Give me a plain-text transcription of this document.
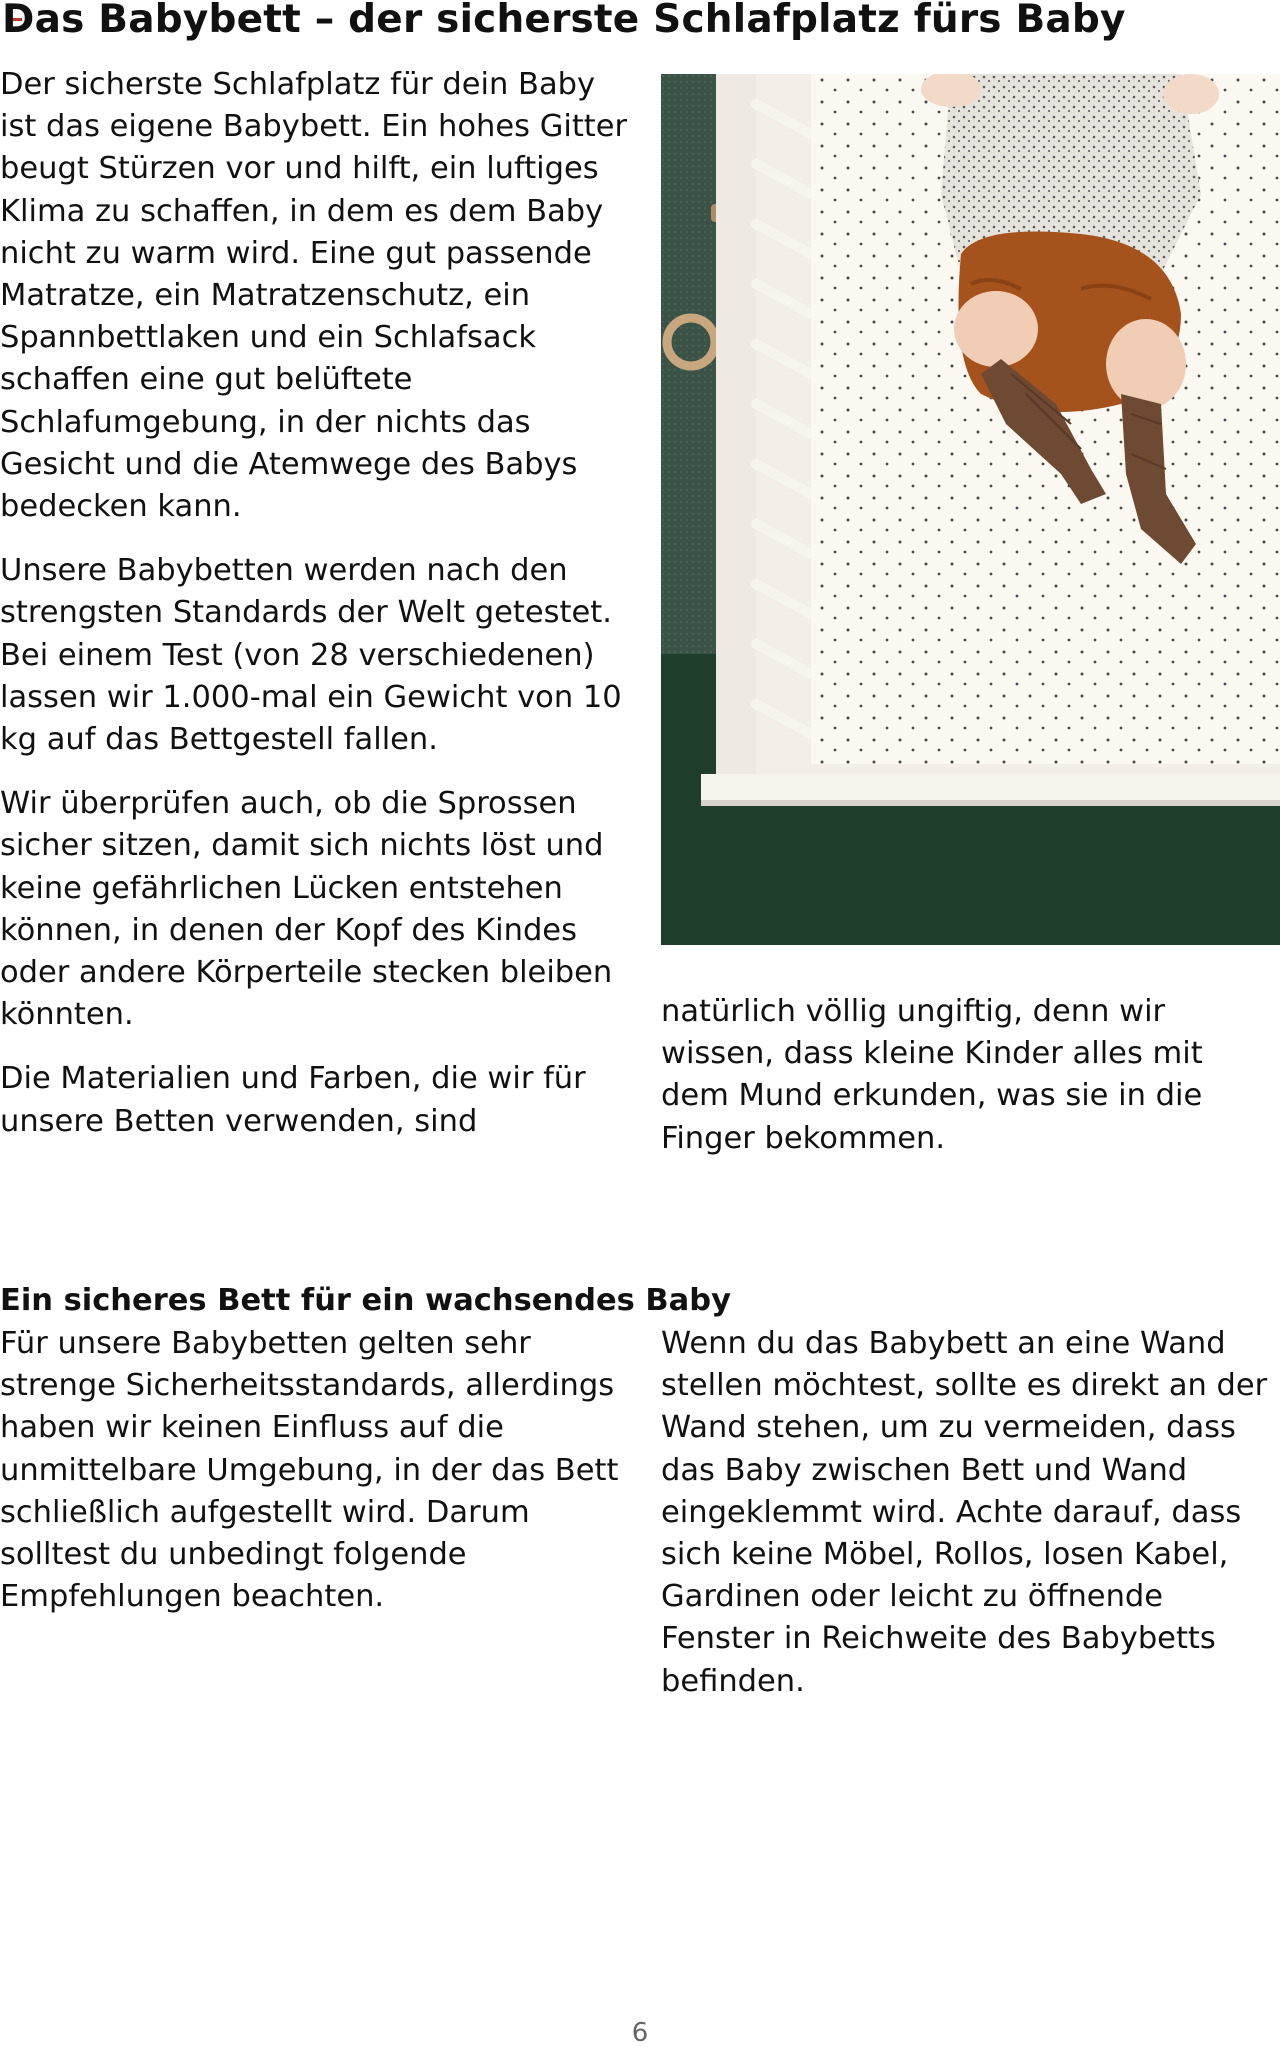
Das Babybett – der sicherste Schlafplatz fürs Baby

Der sicherste Schlafplatz für dein Baby ist das eigene Babybett. Ein hohes Gitter beugt Stürzen vor und hilft, ein luftiges Klima zu schaffen, in dem es dem Baby nicht zu warm wird. Eine gut passende Matratze, ein Matratzenschutz, ein Spannbettlaken und ein Schlafsack schaffen eine gut belüftete Schlafumgebung, in der nichts das Gesicht und die Atemwege des Babys bedecken kann.

Unsere Babybetten werden nach den strengsten Standards der Welt getestet. Bei einem Test (von 28 verschiedenen) lassen wir 1.000-mal ein Gewicht von 10 kg auf das Bettgestell fallen.

Wir überprüfen auch, ob die Sprossen sicher sitzen, damit sich nichts löst und keine gefährlichen Lücken entstehen können, in denen der Kopf des Kindes oder andere Körperteile stecken bleiben könnten.

Die Materialien und Farben, die wir für unsere Betten verwenden, sind

natürlich völlig ungiftig, denn wir wissen, dass kleine Kinder alles mit dem Mund erkunden, was sie in die Finger bekommen.

Ein sicheres Bett für ein wachsendes Baby

Für unsere Babybetten gelten sehr strenge Sicherheitsstandards, allerdings haben wir keinen Einfluss auf die unmittelbare Umgebung, in der das Bett schließlich aufgestellt wird. Darum solltest du unbedingt folgende Empfehlungen beachten.

Wenn du das Babybett an eine Wand stellen möchtest, sollte es direkt an der Wand stehen, um zu vermeiden, dass das Baby zwischen Bett und Wand eingeklemmt wird. Achte darauf, dass sich keine Möbel, Rollos, losen Kabel, Gardinen oder leicht zu öffnende Fenster in Reichweite des Babybetts befinden.

6
